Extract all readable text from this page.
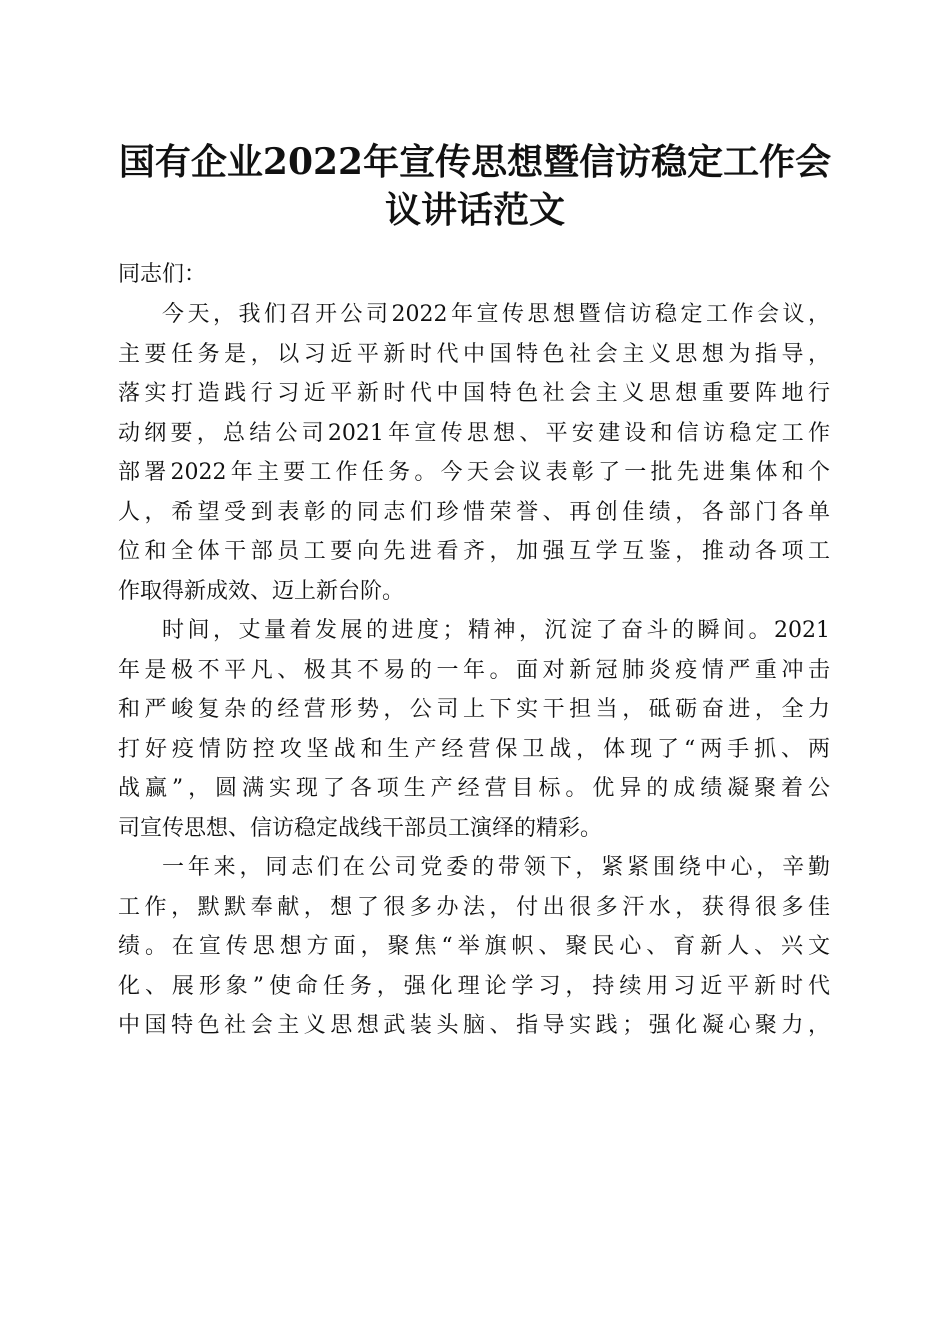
国有企业2022年宣传思想暨信访稳定工作会
议讲话范文

同志们：

今天，我们召开公司2022年宣传思想暨信访稳定工作会议，
主要任务是，以习近平新时代中国特色社会主义思想为指导，
落实打造践行习近平新时代中国特色社会主义思想重要阵地行
动纲要，总结公司2021年宣传思想、平安建设和信访稳定工作
部署2022年主要工作任务。今天会议表彰了一批先进集体和个
人，希望受到表彰的同志们珍惜荣誉、再创佳绩，各部门各单
位和全体干部员工要向先进看齐，加强互学互鉴，推动各项工
作取得新成效、迈上新台阶。

时间，丈量着发展的进度；精神，沉淀了奋斗的瞬间。2021
年是极不平凡、极其不易的一年。面对新冠肺炎疫情严重冲击
和严峻复杂的经营形势，公司上下实干担当，砥砺奋进，全力
打好疫情防控攻坚战和生产经营保卫战，体现了“两手抓、两
战赢”，圆满实现了各项生产经营目标。优异的成绩凝聚着公
司宣传思想、信访稳定战线干部员工演绎的精彩。

一年来，同志们在公司党委的带领下，紧紧围绕中心，辛勤
工作，默默奉献，想了很多办法，付出很多汗水，获得很多佳
绩。在宣传思想方面，聚焦“举旗帜、聚民心、育新人、兴文
化、展形象”使命任务，强化理论学习，持续用习近平新时代
中国特色社会主义思想武装头脑、指导实践；强化凝心聚力，
